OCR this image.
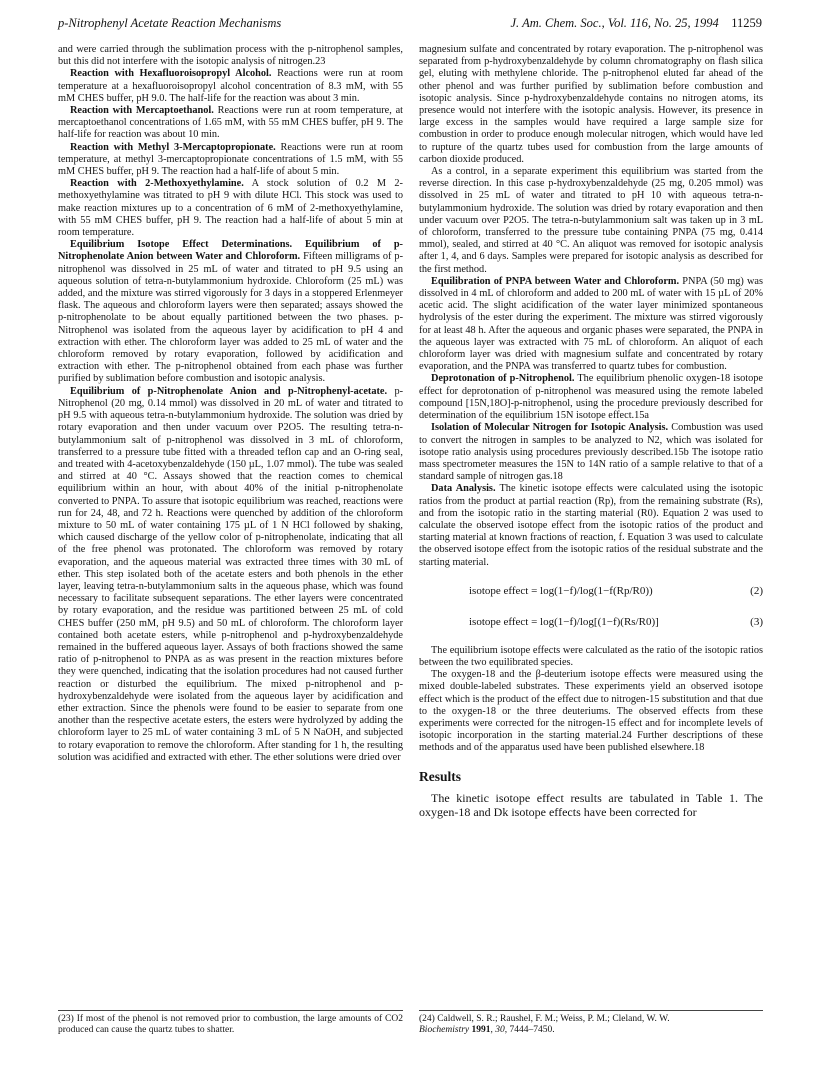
p-Nitrophenyl Acetate Reaction Mechanisms	J. Am. Chem. Soc., Vol. 116, No. 25, 1994 11259

and were carried through the sublimation process with the p-nitrophenol samples, but this did not interfere with the isotopic analysis of nitrogen.23

Reaction with Hexafluoroisopropyl Alcohol. Reactions were run at room temperature at a hexafluoroisopropyl alcohol concentration of 8.3 mM, with 55 mM CHES buffer, pH 9.0. The half-life for the reaction was about 3 min.

Reaction with Mercaptoethanol. Reactions were run at room temperature, at mercaptoethanol concentrations of 1.65 mM, with 55 mM CHES buffer, pH 9. The half-life for reaction was about 10 min.

Reaction with Methyl 3-Mercaptopropionate. Reactions were run at room temperature, at methyl 3-mercaptopropionate concentrations of 1.5 mM, with 55 mM CHES buffer, pH 9. The reaction had a half-life of about 5 min.

Reaction with 2-Methoxyethylamine. A stock solution of 0.2 M 2-methoxyethylamine was titrated to pH 9 with dilute HCl. This stock was used to make reaction mixtures up to a concentration of 6 mM of 2-methoxyethylamine, with 55 mM CHES buffer, pH 9. The reaction had a half-life of about 5 min at room temperature.

Equilibrium Isotope Effect Determinations. Equilibrium of p-Nitrophenolate Anion between Water and Chloroform. Fifteen milligrams of p-nitrophenol was dissolved in 25 mL of water and titrated to pH 9.5 using an aqueous solution of tetra-n-butylammonium hydroxide. Chloroform (25 mL) was added, and the mixture was stirred vigorously for 3 days in a stoppered Erlenmeyer flask. The aqueous and chloroform layers were then separated; assays showed the p-nitrophenolate to be about equally partitioned between the two phases. p-Nitrophenol was isolated from the aqueous layer by acidification to pH 4 and extraction with ether. The chloroform layer was added to 25 mL of water and the chloroform removed by rotary evaporation, followed by acidification and extraction with ether. The p-nitrophenol obtained from each phase was further purified by sublimation before combustion and isotopic analysis.

Equilibrium of p-Nitrophenolate Anion and p-Nitrophenyl-acetate. p-Nitrophenol (20 mg, 0.14 mmol) was dissolved in 20 mL of water and titrated to pH 9.5 with aqueous tetra-n-butylammonium hydroxide. The solution was dried by rotary evaporation and then under vacuum over P2O5. The resulting tetra-n-butylammonium salt of p-nitrophenol was dissolved in 3 mL of chloroform, transferred to a pressure tube fitted with a threaded teflon cap and an O-ring seal, and treated with 4-acetoxybenzaldehyde (150 µL, 1.07 mmol). The tube was sealed and stirred at 40 °C. Assays showed that the reaction comes to chemical equilibrium within an hour, with about 40% of the initial p-nitrophenolate converted to PNPA. To assure that isotopic equilibrium was reached, reactions were run for 24, 48, and 72 h. Reactions were quenched by addition of the chloroform mixture to 50 mL of water containing 175 µL of 1 N HCl followed by shaking, which caused discharge of the yellow color of p-nitrophenolate, indicating that all of the free phenol was protonated. The chloroform was removed by rotary evaporation, and the aqueous material was extracted three times with 30 mL of ether. This step isolated both of the acetate esters and both phenols in the ether layer, leaving tetra-n-butylammonium salts in the aqueous phase, which was found necessary to facilitate subsequent separations. The ether layers were concentrated by rotary evaporation, and the residue was partitioned between 25 mL of cold CHES buffer (250 mM, pH 9.5) and 50 mL of chloroform. The chloroform layer contained both acetate esters, while p-nitrophenol and p-hydroxybenzaldehyde remained in the buffered aqueous layer. Assays of both fractions showed the same ratio of p-nitrophenol to PNPA as as was present in the reaction mixtures before they were quenched, indicating that the isolation procedures had not caused further reaction or disturbed the equilibrium. The mixed p-nitrophenol and p-hydroxybenzaldehyde were isolated from the aqueous layer by acidification and ether extraction. Since the phenols were found to be easier to separate from one another than the respective acetate esters, the esters were hydrolyzed by adding the chloroform layer to 25 mL of water containing 3 mL of 5 N NaOH, and subjected to rotary evaporation to remove the chloroform. After standing for 1 h, the resulting solution was acidified and extracted with ether. The ether solutions were dried over

magnesium sulfate and concentrated by rotary evaporation. The p-nitrophenol was separated from p-hydroxybenzaldehyde by column chromatography on flash silica gel, eluting with methylene chloride. The p-nitrophenol eluted far ahead of the other phenol and was further purified by sublimation before combustion and isotopic analysis. Since p-hydroxybenzaldehyde contains no nitrogen atoms, its presence would not interfere with the isotopic analysis. However, its presence in large excess in the samples would have required a large sample size for combustion in order to produce enough molecular nitrogen, which would have led to rupture of the quartz tubes used for combustion from the large amounts of carbon dioxide produced.

As a control, in a separate experiment this equilibrium was started from the reverse direction. In this case p-hydroxybenzaldehyde (25 mg, 0.205 mmol) was dissolved in 25 mL of water and titrated to pH 10 with aqueous tetra-n-butylammonium hydroxide. The solution was dried by rotary evaporation and then under vacuum over P2O5. The tetra-n-butylammonium salt was taken up in 3 mL of chloroform, transferred to the pressure tube containing PNPA (75 mg, 0.414 mmol), sealed, and stirred at 40 °C. An aliquot was removed for isotopic analysis after 1, 4, and 6 days. Samples were prepared for isotopic analysis as described for the first method.

Equilibration of PNPA between Water and Chloroform. PNPA (50 mg) was dissolved in 4 mL of chloroform and added to 200 mL of water with 15 µL of 20% acetic acid. The slight acidification of the water layer minimized spontaneous hydrolysis of the ester during the experiment. The mixture was stirred vigorously for at least 48 h. After the aqueous and organic phases were separated, the PNPA in the aqueous layer was extracted with 75 mL of chloroform. An aliquot of each chloroform layer was dried with magnesium sulfate and concentrated by rotary evaporation, and the PNPA was transferred to quartz tubes for combustion.

Deprotonation of p-Nitrophenol. The equilibrium phenolic oxygen-18 isotope effect for deprotonation of p-nitrophenol was measured using the remote labeled compound [15N,18O]-p-nitrophenol, using the procedure previously described for determination of the equilibrium 15N isotope effect.15a

Isolation of Molecular Nitrogen for Isotopic Analysis. Combustion was used to convert the nitrogen in samples to be analyzed to N2, which was isolated for isotope ratio analysis using procedures previously described.15b The isotope ratio mass spectrometer measures the 15N to 14N ratio of a sample relative to that of a standard sample of nitrogen gas.18

Data Analysis. The kinetic isotope effects were calculated using the isotopic ratios from the product at partial reaction (Rp), from the remaining substrate (Rs), and from the isotopic ratio in the starting material (R0). Equation 2 was used to calculate the observed isotope effect from the isotopic ratios of the product and starting material at known fractions of reaction, f. Equation 3 was used to calculate the observed isotope effect from the isotopic ratios of the residual substrate and the starting material.

isotope effect = log(1−f)/log(1−f(Rp/R0))	(2)
isotope effect = log(1−f)/log[(1−f)(Rs/R0)]	(3)

The equilibrium isotope effects were calculated as the ratio of the isotopic ratios between the two equilibrated species.

The oxygen-18 and the β-deuterium isotope effects were measured using the mixed double-labeled substrates. These experiments yield an observed isotope effect which is the product of the effect due to nitrogen-15 substitution and that due to the oxygen-18 or the three deuteriums. The observed effects from these experiments were corrected for the nitrogen-15 effect and for incomplete levels of isotopic incorporation in the starting material.24 Further descriptions of these methods and of the apparatus used have been published elsewhere.18

Results

The kinetic isotope effect results are tabulated in Table 1. The oxygen-18 and Dk isotope effects have been corrected for

(23) If most of the phenol is not removed prior to combustion, the large amounts of CO2 produced can cause the quartz tubes to shatter.
(24) Caldwell, S. R.; Raushel, F. M.; Weiss, P. M.; Cleland, W. W.
Biochemistry 1991, 30, 7444–7450.
